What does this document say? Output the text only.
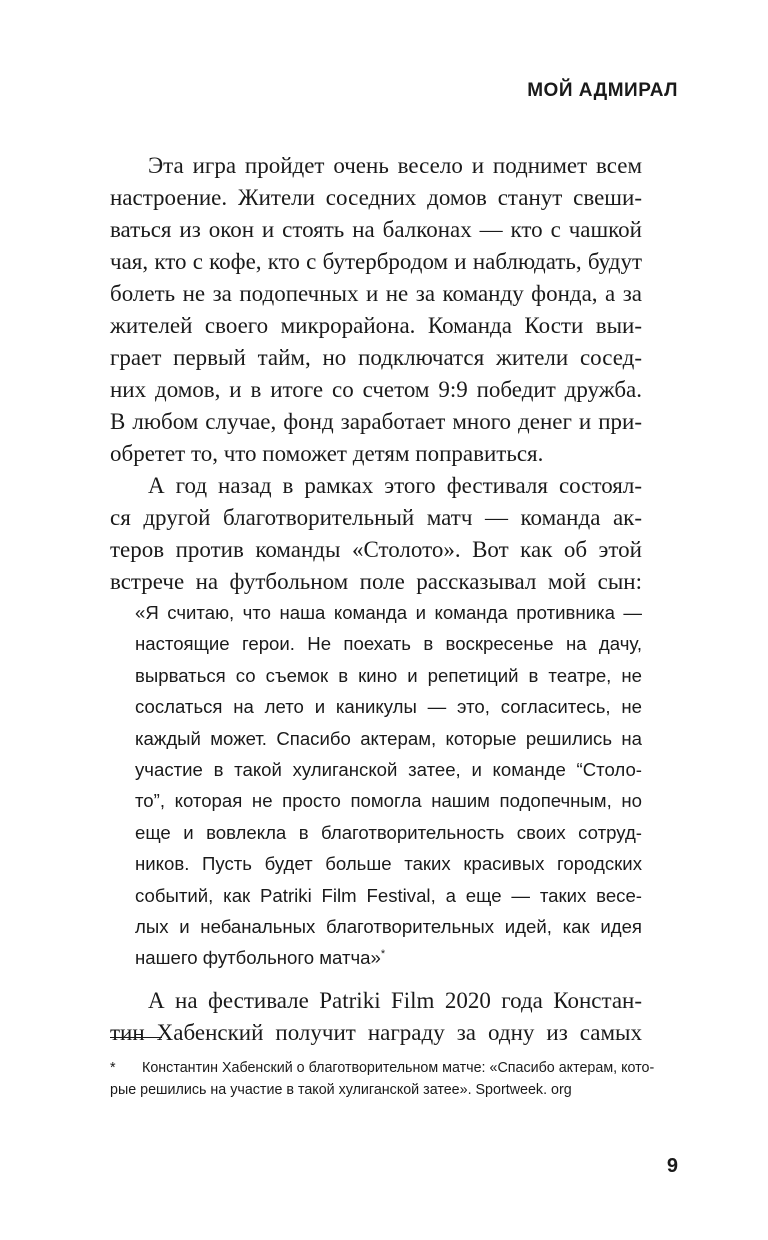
МОЙ АДМИРАЛ
Эта игра пройдет очень весело и поднимет всем
настроение. Жители соседних домов станут свеши-
ваться из окон и стоять на балконах — кто с чашкой
чая, кто с кофе, кто с бутербродом и наблюдать, будут
болеть не за подопечных и не за команду фонда, а за
жителей своего микрорайона. Команда Кости выи-
грает первый тайм, но подключатся жители сосед-
них домов, и в итоге со счетом 9:9 победит дружба.
В любом случае, фонд заработает много денег и при-
обретет то, что поможет детям поправиться.
А год назад в рамках этого фестиваля состоял-
ся другой благотворительный матч — команда ак-
теров против команды «Столото». Вот как об этой
встрече на футбольном поле рассказывал мой сын:
«Я считаю, что наша команда и команда противника —
настоящие герои. Не поехать в воскресенье на дачу,
вырваться со съемок в кино и репетиций в театре, не
сослаться на лето и каникулы — это, согласитесь, не
каждый может. Спасибо актерам, которые решились на
участие в такой хулиганской затее, и команде “Столо-
то”, которая не просто помогла нашим подопечным, но
еще и вовлекла в благотворительность своих сотруд-
ников. Пусть будет больше таких красивых городских
событий, как Patriki Film Festival, а еще — таких весе-
лых и небанальных благотворительных идей, как идея
нашего футбольного матча»*
А на фестивале Patriki Film 2020 года Констан-
тин Хабенский получит награду за одну из самых
* Константин Хабенский о благотворительном матче: «Спасибо актерам, кото-
рые решились на участие в такой хулиганской затее». Sportweek. org
9
